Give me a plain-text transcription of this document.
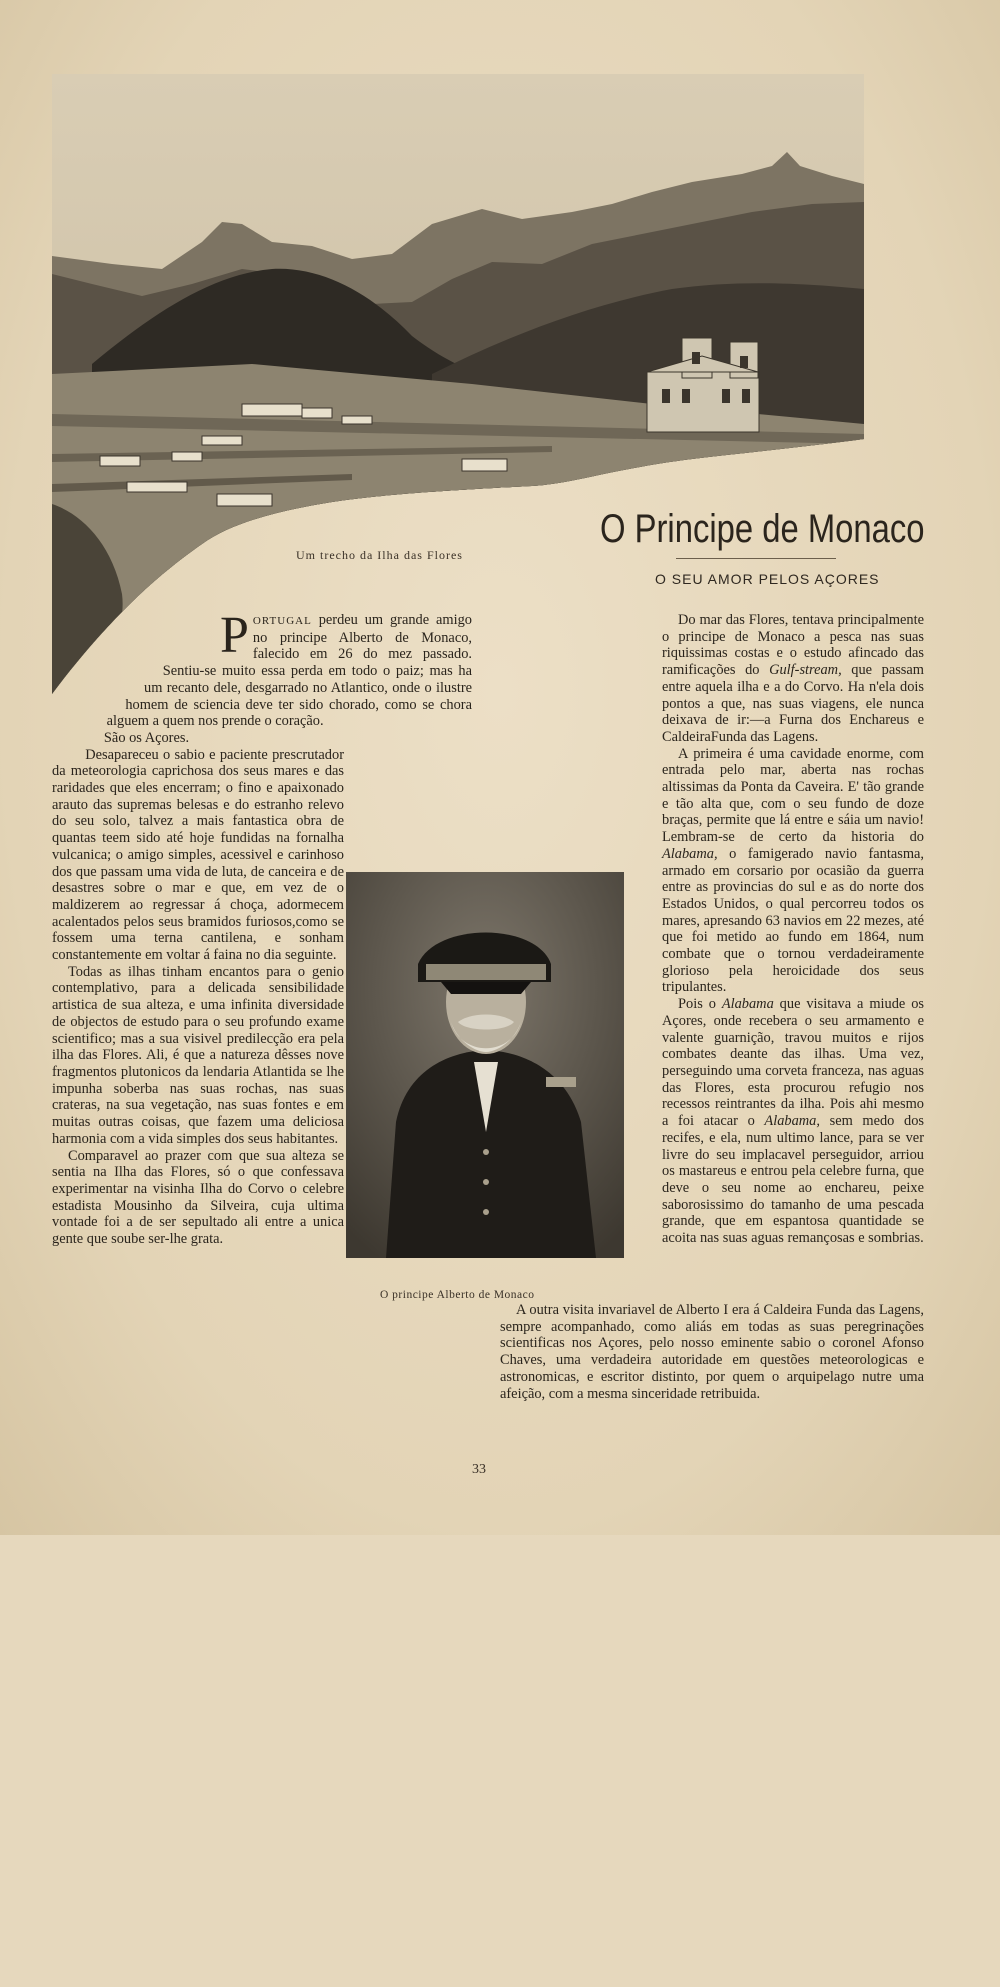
Um trecho da Ilha das Flores
O Principe de Monaco
O SEU AMOR PELOS AÇORES

PORTUGAL perdeu um grande amigo no principe Alberto de Monaco, falecido em 26 do mez passado. Sentiu-se muito essa perda em todo o paiz; mas ha um recanto dele, desgarrado no Atlantico, onde o ilustre homem de sciencia deve ter sido chorado, como se chora alguem a quem nos prende o coração.

São os Açores.

Desapareceu o sabio e paciente prescrutador da meteorologia caprichosa dos seus mares e das raridades que eles encerram; o fino e apaixonado arauto das supremas belesas e do estranho relevo do seu solo, talvez a mais fantastica obra de quantas teem sido até hoje fundidas na fornalha vulcanica; o amigo simples, acessivel e carinhoso dos que passam uma vida de luta, de canceira e de desastres sobre o mar e que, em vez de o maldizerem ao regressar á choça, adormecem acalentados pelos seus bramidos furiosos,como se fossem uma terna cantilena, e sonham constantemente em voltar á faina no dia seguinte.

Todas as ilhas tinham encantos para o genio contemplativo, para a delicada sensibilidade artistica de sua alteza, e uma infinita diversidade de objectos de estudo para o seu profundo exame scientifico; mas a sua visivel predilecção era pela ilha das Flores. Ali, é que a natureza dêsses nove fragmentos plutonicos da lendaria Atlantida se lhe impunha soberba nas suas rochas, nas suas crateras, na sua vegetação, nas suas fontes e em muitas outras coisas, que fazem uma deliciosa harmonia com a vida simples dos seus habitantes.

Comparavel ao prazer com que sua alteza se sentia na Ilha das Flores, só o que confessava experimentar na visinha Ilha do Corvo o celebre estadista Mousinho da Silveira, cuja ultima vontade foi a de ser sepultado ali entre a unica gente que soube ser-lhe grata.

O principe Alberto de Monaco

Do mar das Flores, tentava principalmente o principe de Monaco a pesca nas suas riquissimas costas e o estudo afincado das ramificações do Gulf-stream, que passam entre aquela ilha e a do Corvo. Ha n'ela dois pontos a que, nas suas viagens, ele nunca deixava de ir:—a Furna dos Enchareus e CaldeiraFunda das Lagens.

A primeira é uma cavidade enorme, com entrada pelo mar, aberta nas rochas altissimas da Ponta da Caveira. E' tão grande e tão alta que, com o seu fundo de doze braças, permite que lá entre e sáia um navio! Lembram-se de certo da historia do Alabama, o famigerado navio fantasma, armado em corsario por ocasião da guerra entre as provincias do sul e as do norte dos Estados Unidos, o qual percorreu todos os mares, apresando 63 navios em 22 mezes, até que foi metido ao fundo em 1864, num combate que o tornou verdadeiramente glorioso pela heroicidade dos seus tripulantes.

Pois o Alabama que visitava a miude os Açores, onde recebera o seu armamento e valente guarnição, travou muitos e rijos combates deante das ilhas. Uma vez, perseguindo uma corveta franceza, nas aguas das Flores, esta procurou refugio nos recessos reintrantes da ilha. Pois ahi mesmo a foi atacar o Alabama, sem medo dos recifes, e ela, num ultimo lance, para se ver livre do seu implacavel perseguidor, arriou os mastareus e entrou pela celebre furna, que deve o seu nome ao enchareu, peixe saborosissimo do tamanho de uma pescada grande, que em espantosa quantidade se acoita nas suas aguas remançosas e sombrias.

A outra visita invariavel de Alberto I era á Caldeira Funda das Lagens, sempre acompanhado, como aliás em todas as suas peregrinações scientificas nos Açores, pelo nosso eminente sabio o coronel Afonso Chaves, uma verdadeira autoridade em questões meteorologicas e astronomicas, e escritor distinto, por quem o arquipelago nutre uma afeição, com a mesma sinceridade retribuida.

33
